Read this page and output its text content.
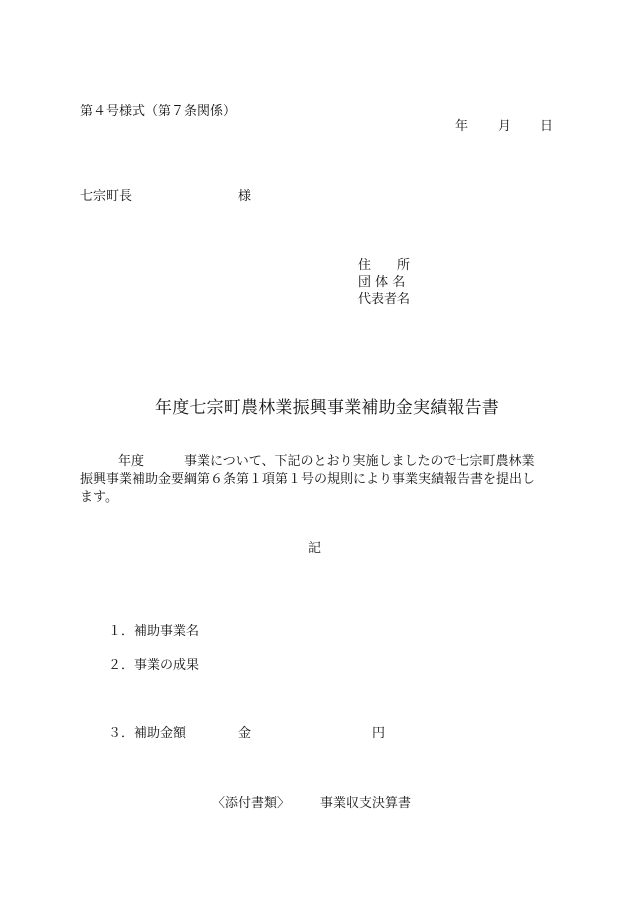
第４号様式（第７条関係）
年 月 日
七宗町長	様
住　　所
団 体 名
代表者名
年度七宗町農林業振興事業補助金実績報告書
年度	事業について、下記のとおり実施しましたので七宗町農林業
振興事業補助金要綱第６条第１項第１号の規則により事業実績報告書を提出し
ます。
記
１．補助事業名
２．事業の成果
３．補助金額	金	円
〈添付書類〉 事業収支決算書
